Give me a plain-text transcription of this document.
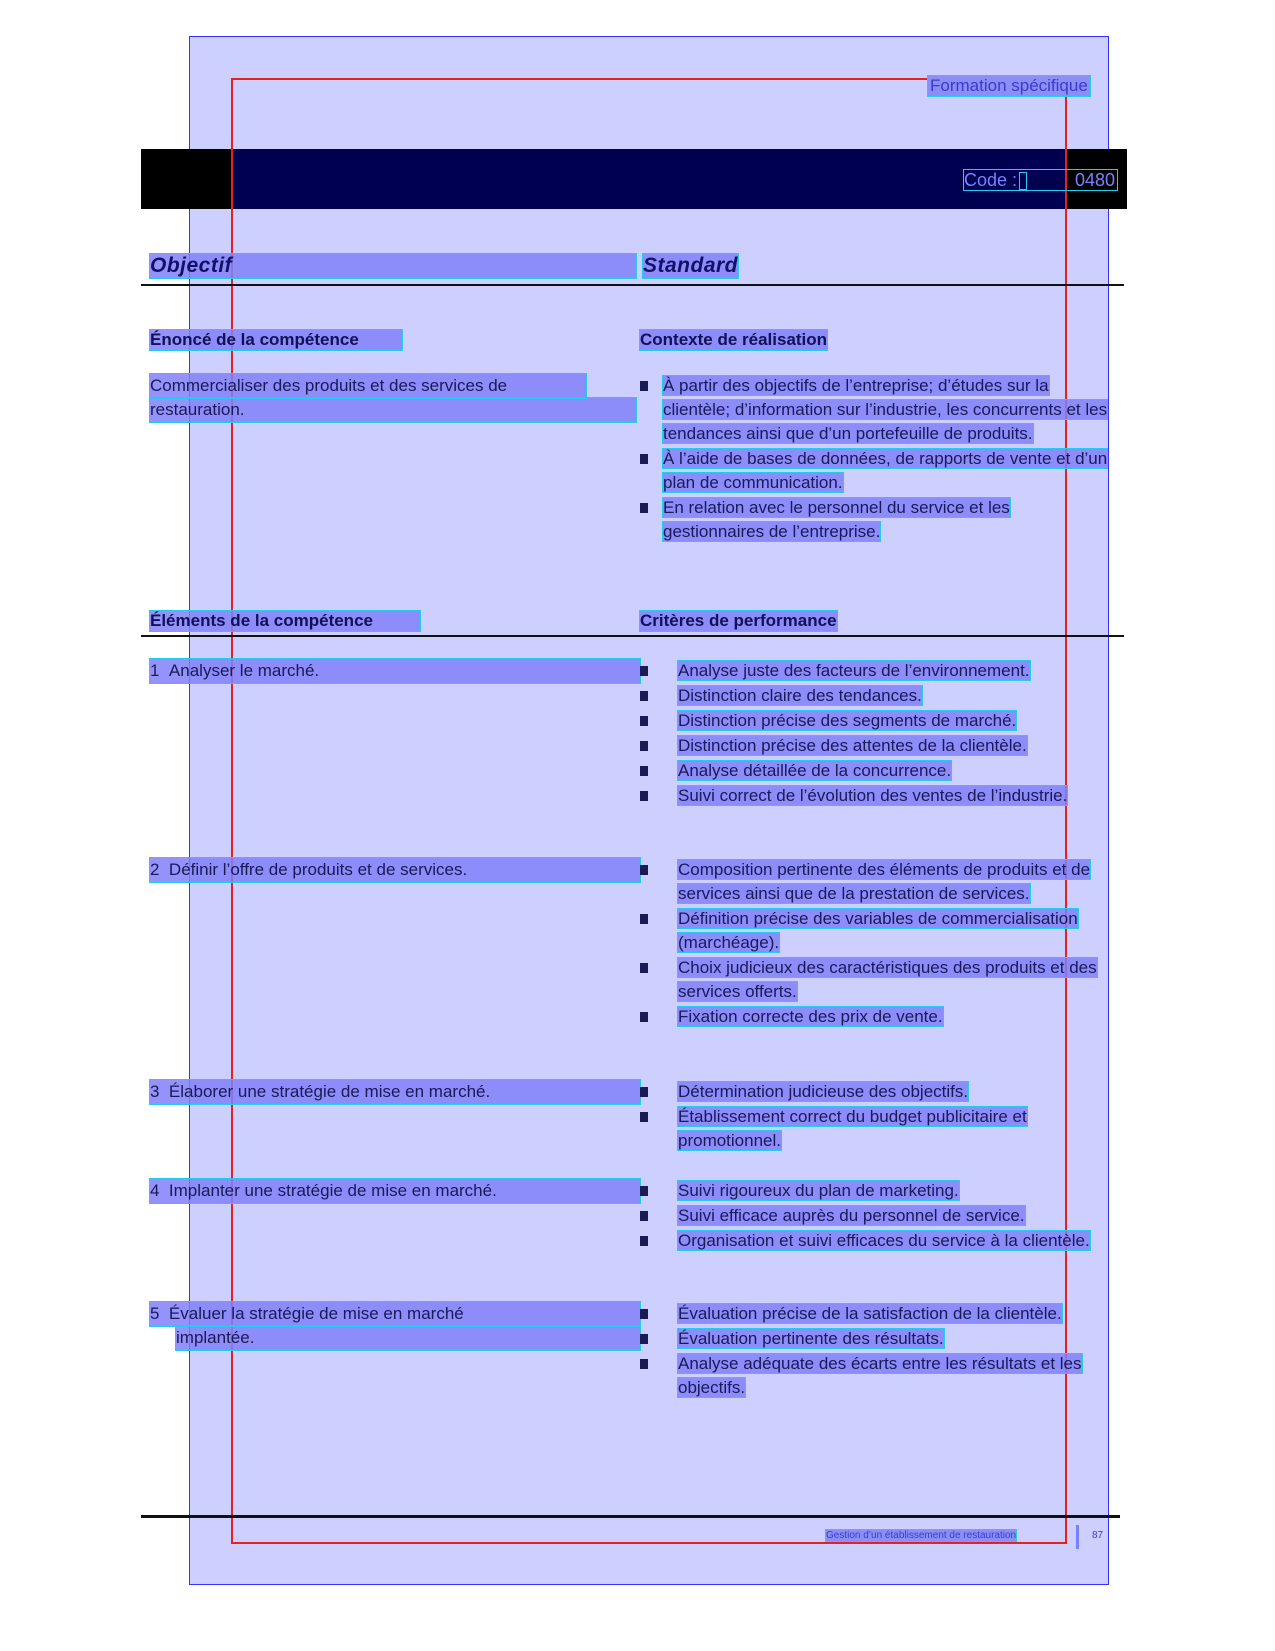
Formation spécifique
Code :	0480
Objectif	Standard
Énoncé de la compétence	Contexte de réalisation
Commercialiser des produits et des services de
restauration.
À partir des objectifs de l’entreprise; d’études sur la clientèle; d’information sur l’industrie, les concurrents et les tendances ainsi que d’un portefeuille de produits.
À l’aide de bases de données, de rapports de vente et d’un plan de communication.
En relation avec le personnel du service et les gestionnaires de l’entreprise.
Éléments de la compétence	Critères de performance
1 Analyser le marché.	Analyse juste des facteurs de l’environnement.
Distinction claire des tendances.
Distinction précise des segments de marché.
Distinction précise des attentes de la clientèle.
Analyse détaillée de la concurrence.
Suivi correct de l’évolution des ventes de l’industrie.
2 Définir l’offre de produits et de services.	Composition pertinente des éléments de produits et de services ainsi que de la prestation de services.
Définition précise des variables de commercialisation (marchéage).
Choix judicieux des caractéristiques des produits et des services offerts.
Fixation correcte des prix de vente.
3 Élaborer une stratégie de mise en marché.	Détermination judicieuse des objectifs.
Établissement correct du budget publicitaire et promotionnel.
4 Implanter une stratégie de mise en marché.	Suivi rigoureux du plan de marketing.
Suivi efficace auprès du personnel de service.
Organisation et suivi efficaces du service à la clientèle.
5 Évaluer la stratégie de mise en marché
implantée.
Évaluation précise de la satisfaction de la clientèle.
Évaluation pertinente des résultats.
Analyse adéquate des écarts entre les résultats et les objectifs.
Gestion d’un établissement de restauration	87
